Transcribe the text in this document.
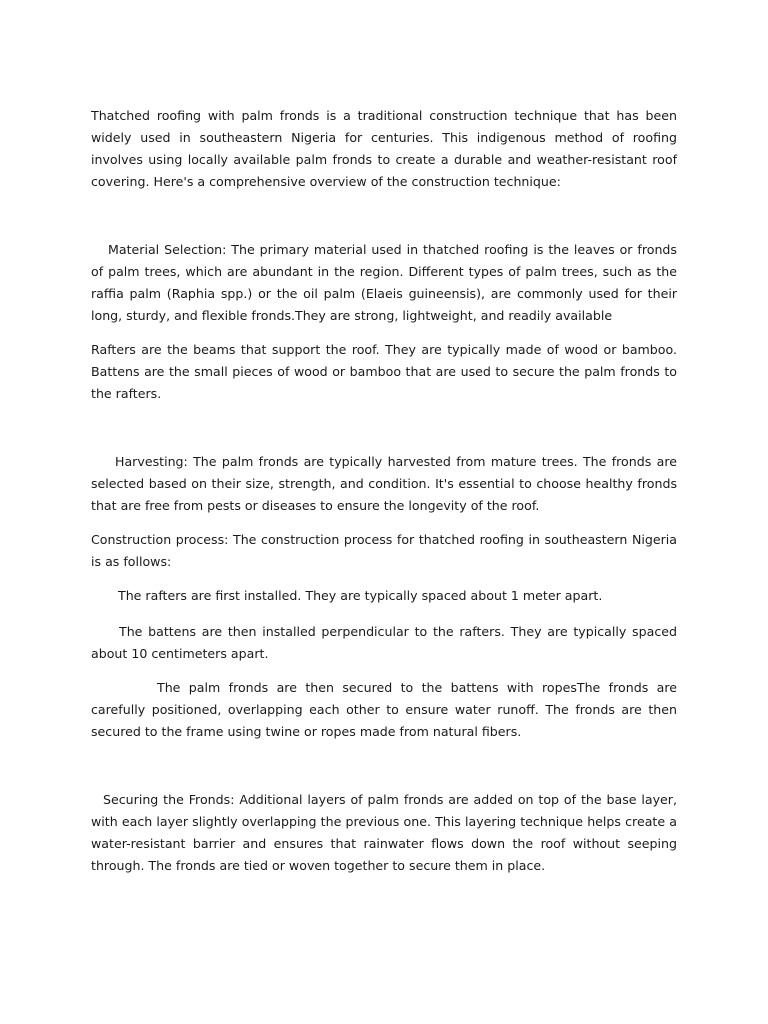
Thatched roofing with palm fronds is a traditional construction technique that has been widely used in southeastern Nigeria for centuries. This indigenous method of roofing involves using locally available palm fronds to create a durable and weather-resistant roof covering. Here's a comprehensive overview of the construction technique:

Material Selection: The primary material used in thatched roofing is the leaves or fronds of palm trees, which are abundant in the region. Different types of palm trees, such as the raffia palm (Raphia spp.) or the oil palm (Elaeis guineensis), are commonly used for their long, sturdy, and flexible fronds.They are strong, lightweight, and readily available

Rafters are the beams that support the roof. They are typically made of wood or bamboo. Battens are the small pieces of wood or bamboo that are used to secure the palm fronds to the rafters.

Harvesting: The palm fronds are typically harvested from mature trees. The fronds are selected based on their size, strength, and condition. It's essential to choose healthy fronds that are free from pests or diseases to ensure the longevity of the roof.

Construction process: The construction process for thatched roofing in southeastern Nigeria is as follows:

The rafters are first installed. They are typically spaced about 1 meter apart.

The battens are then installed perpendicular to the rafters. They are typically spaced about 10 centimeters apart.

The palm fronds are then secured to the battens with ropesThe fronds are carefully positioned, overlapping each other to ensure water runoff. The fronds are then secured to the frame using twine or ropes made from natural fibers.

Securing the Fronds: Additional layers of palm fronds are added on top of the base layer, with each layer slightly overlapping the previous one. This layering technique helps create a water-resistant barrier and ensures that rainwater flows down the roof without seeping through. The fronds are tied or woven together to secure them in place.
